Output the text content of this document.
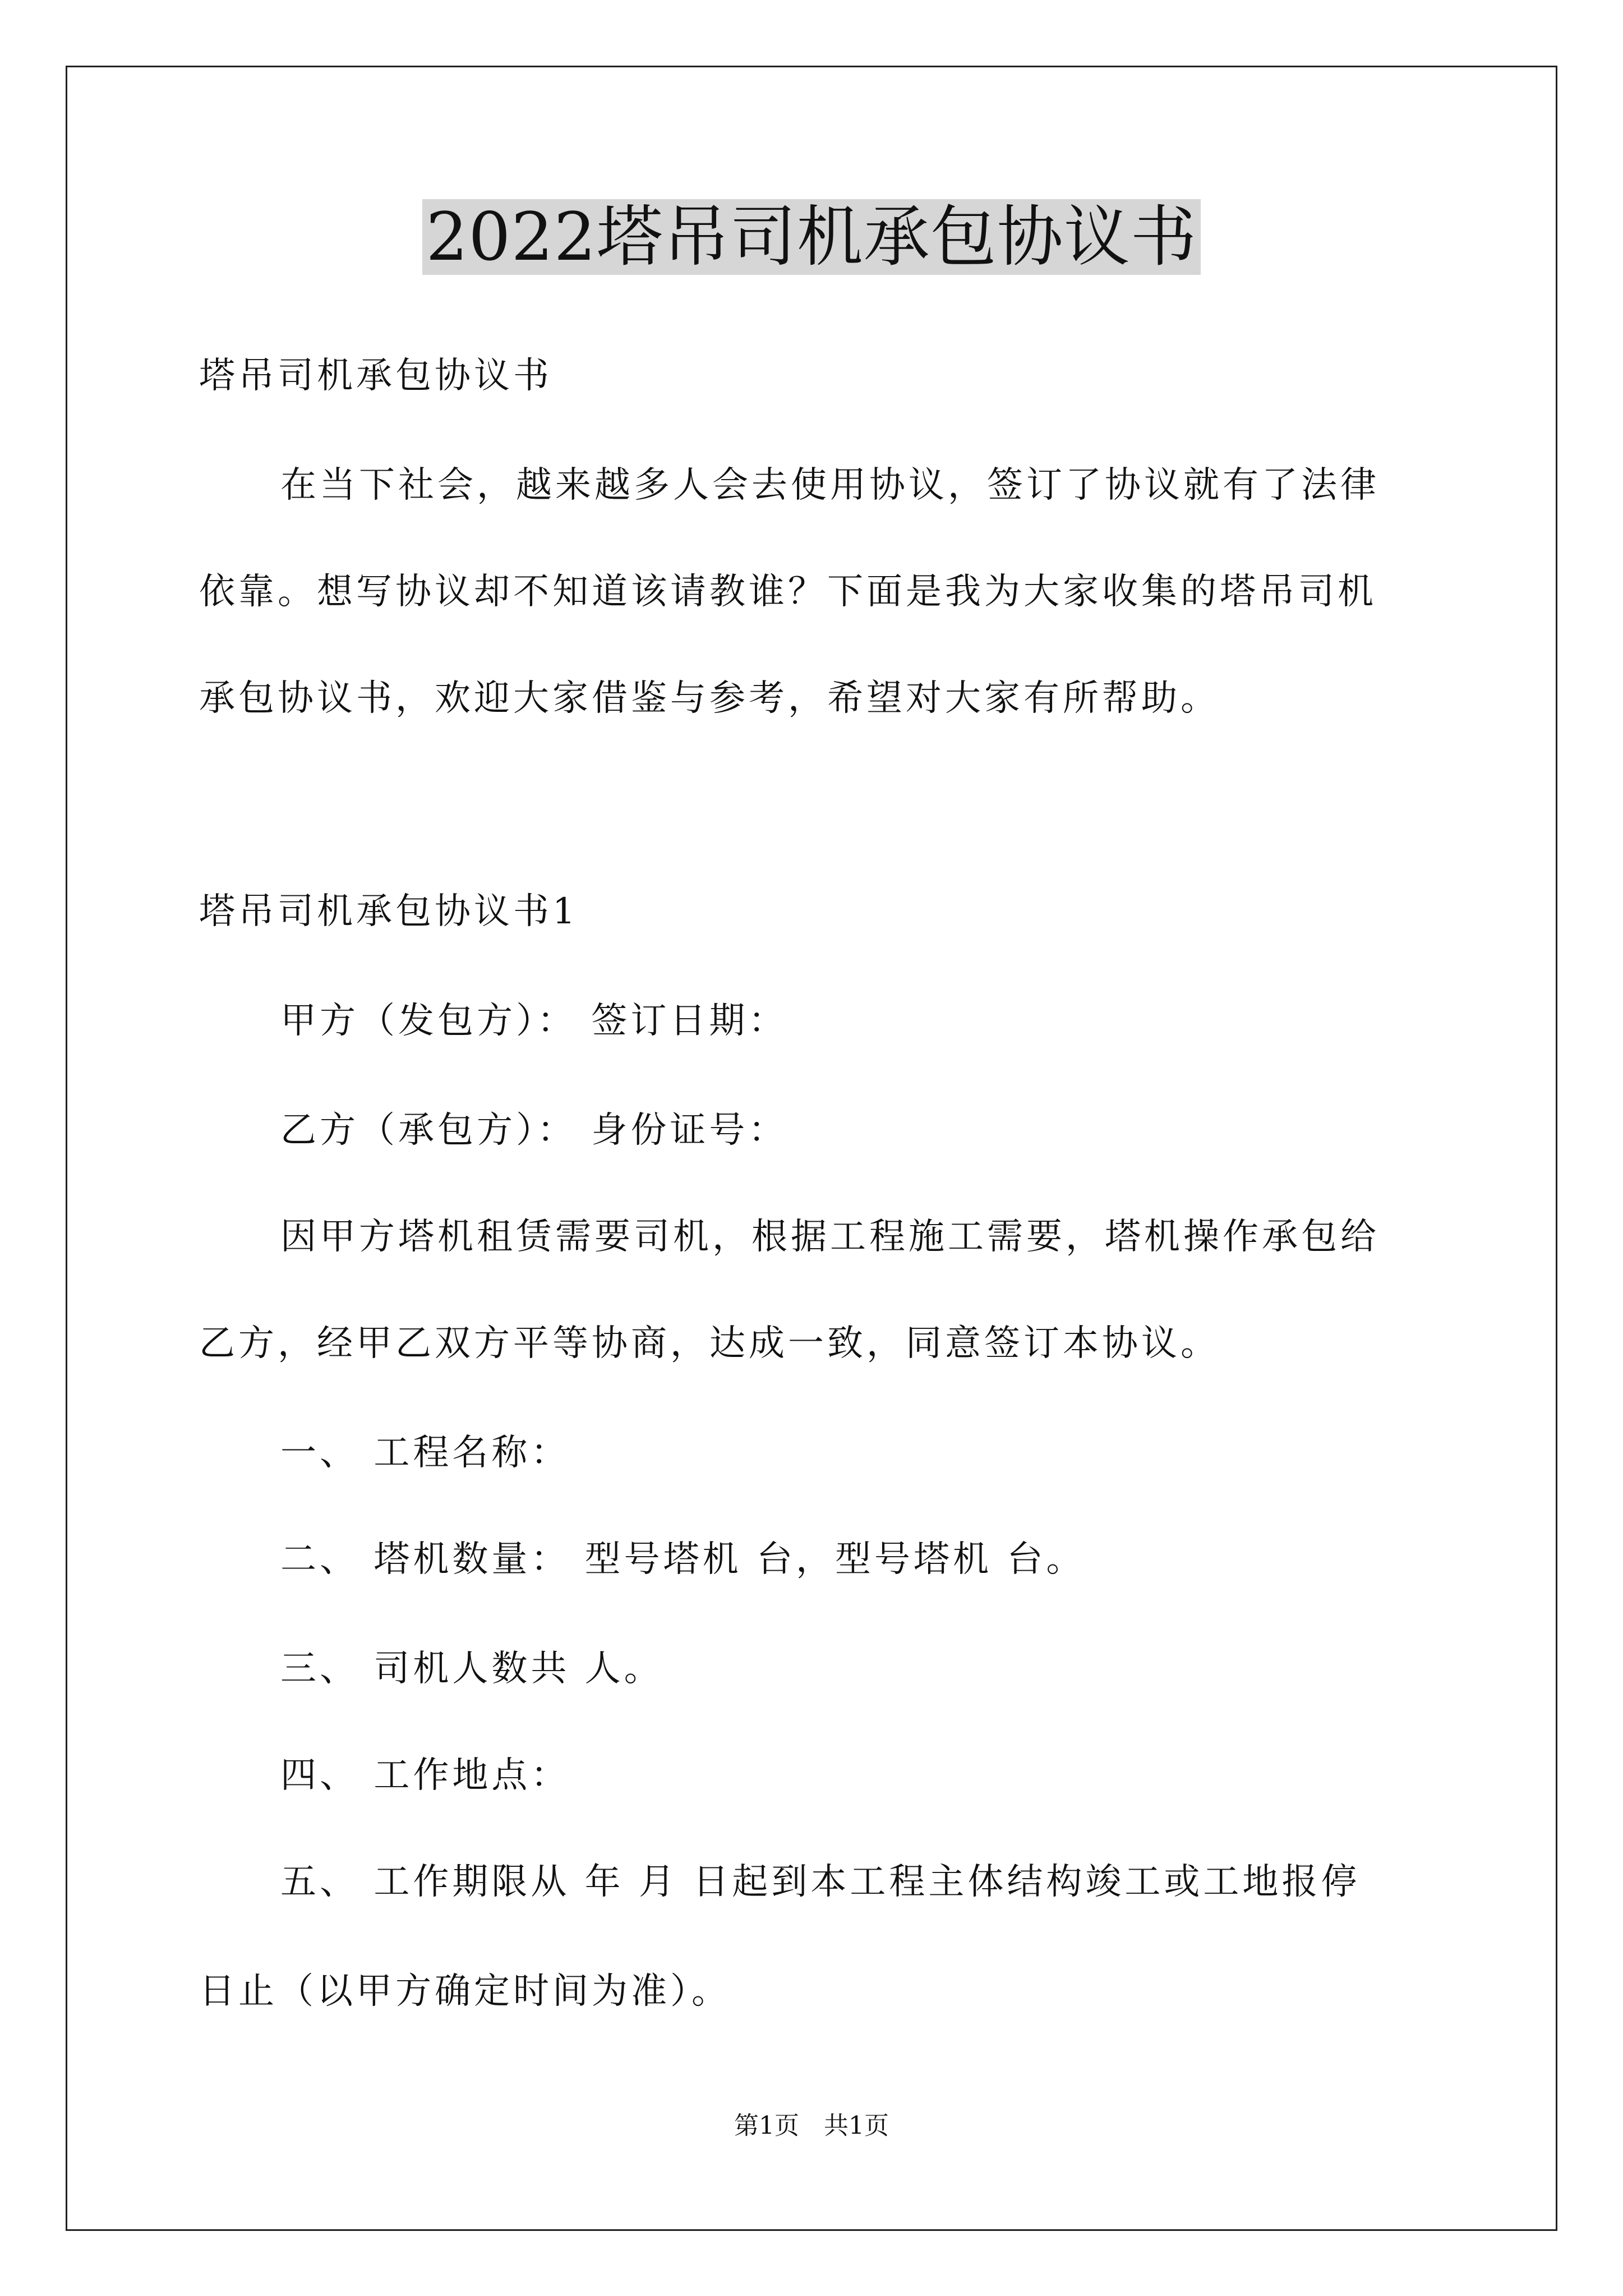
2022塔吊司机承包协议书
塔吊司机承包协议书
在当下社会，越来越多人会去使用协议，签订了协议就有了法律
依靠。想写协议却不知道该请教谁？下面是我为大家收集的塔吊司机
承包协议书，欢迎大家借鉴与参考，希望对大家有所帮助。
塔吊司机承包协议书1
甲方（发包方）： 签订日期：
乙方（承包方）： 身份证号：
因甲方塔机租赁需要司机，根据工程施工需要，塔机操作承包给
乙方，经甲乙双方平等协商，达成一致，同意签订本协议。
一、 工程名称：
二、 塔机数量： 型号塔机 台，型号塔机 台。
三、 司机人数共 人。
四、 工作地点：
五、 工作期限从 年 月 日起到本工程主体结构竣工或工地报停
日止（以甲方确定时间为准）。
第1页　共1页
